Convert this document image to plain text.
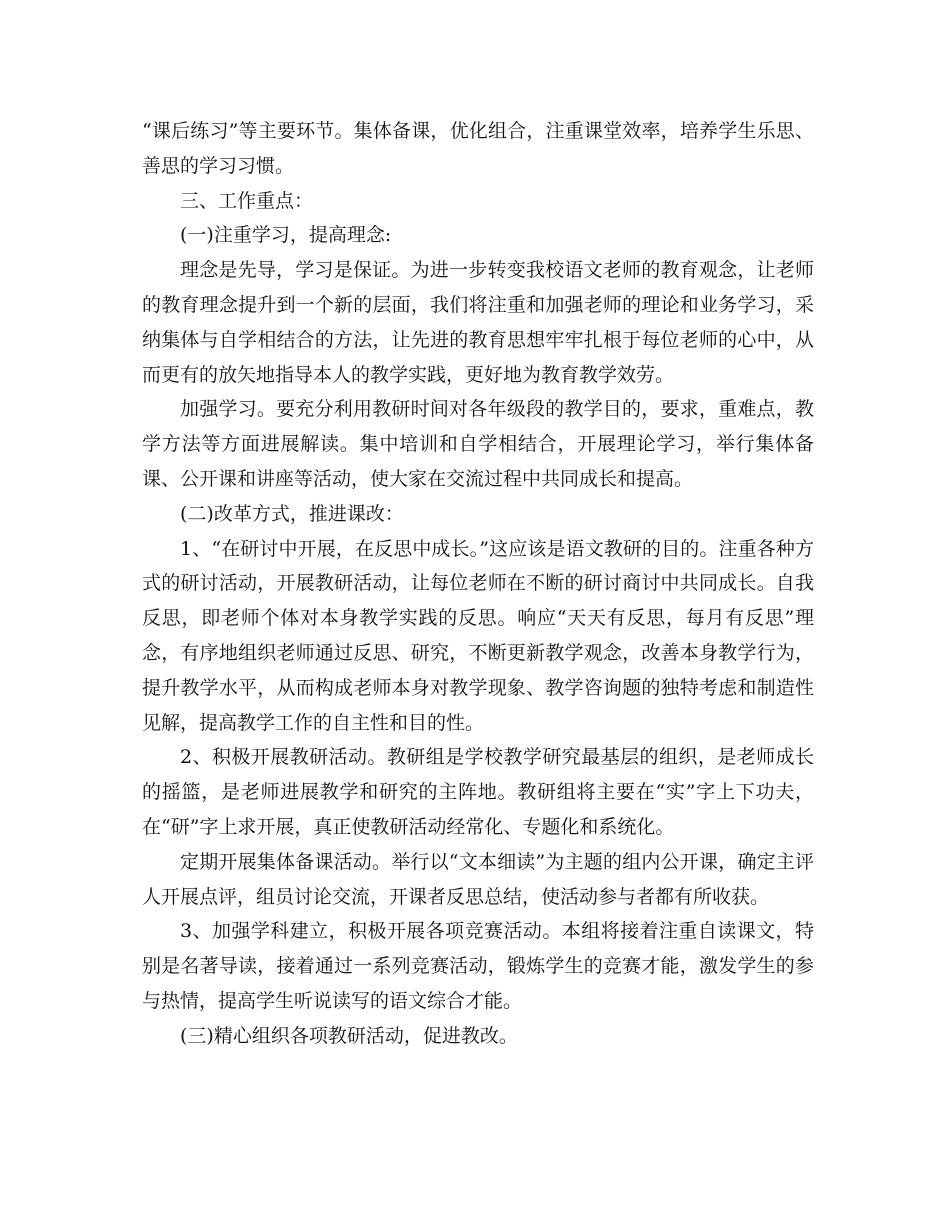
“课后练习”等主要环节。集体备课，优化组合，注重课堂效率，培养学生乐思、善思的学习习惯。

三、工作重点：

(一)注重学习，提高理念:

理念是先导，学习是保证。为进一步转变我校语文老师的教育观念，让老师的教育理念提升到一个新的层面，我们将注重和加强老师的理论和业务学习，采纳集体与自学相结合的方法，让先进的教育思想牢牢扎根于每位老师的心中，从而更有的放矢地指导本人的教学实践，更好地为教育教学效劳。

加强学习。要充分利用教研时间对各年级段的教学目的，要求，重难点，教学方法等方面进展解读。集中培训和自学相结合，开展理论学习，举行集体备课、公开课和讲座等活动，使大家在交流过程中共同成长和提高。

(二)改革方式，推进课改：

1、“在研讨中开展，在反思中成长。”这应该是语文教研的目的。注重各种方式的研讨活动，开展教研活动，让每位老师在不断的研讨商讨中共同成长。自我反思，即老师个体对本身教学实践的反思。响应“天天有反思，每月有反思”理念，有序地组织老师通过反思、研究，不断更新教学观念，改善本身教学行为，提升教学水平，从而构成老师本身对教学现象、教学咨询题的独特考虑和制造性见解，提高教学工作的自主性和目的性。

2、积极开展教研活动。教研组是学校教学研究最基层的组织，是老师成长的摇篮，是老师进展教学和研究的主阵地。教研组将主要在“实”字上下功夫，在“研”字上求开展，真正使教研活动经常化、专题化和系统化。

定期开展集体备课活动。举行以“文本细读”为主题的组内公开课，确定主评人开展点评，组员讨论交流，开课者反思总结，使活动参与者都有所收获。

3、加强学科建立，积极开展各项竞赛活动。本组将接着注重自读课文，特别是名著导读，接着通过一系列竞赛活动，锻炼学生的竞赛才能，激发学生的参与热情，提高学生听说读写的语文综合才能。

(三)精心组织各项教研活动，促进教改。
